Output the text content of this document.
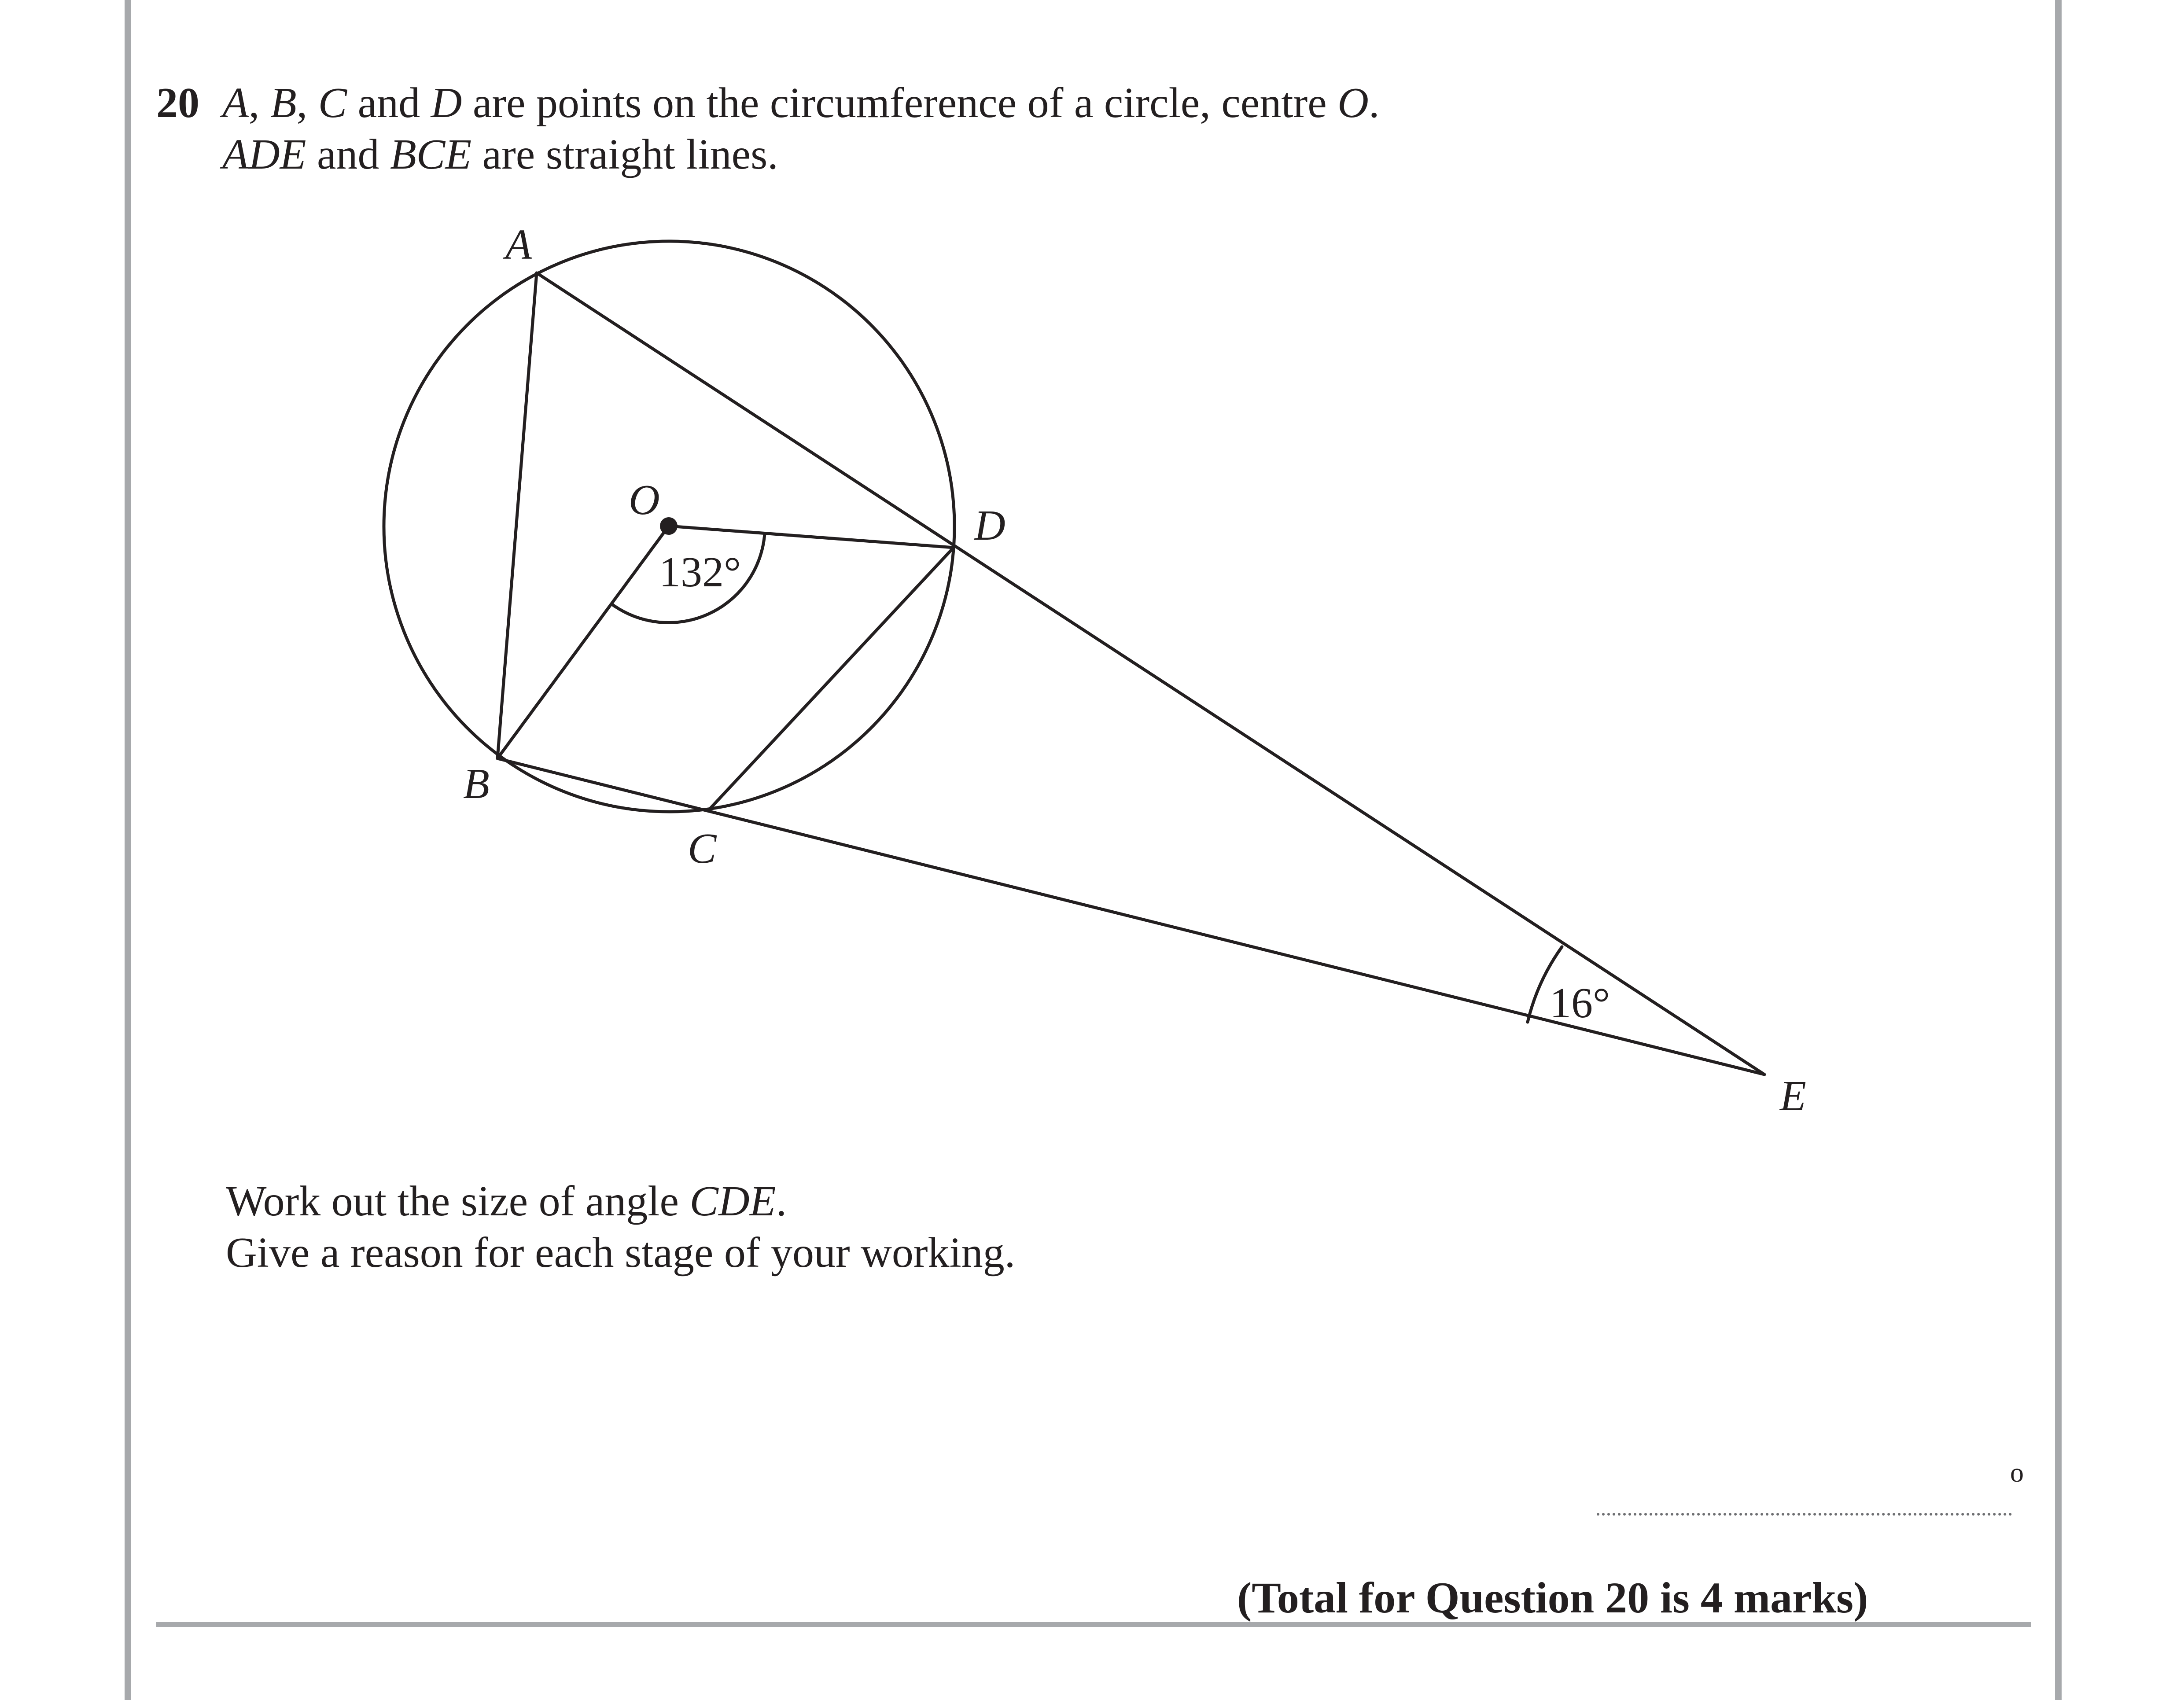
20 A, B, C and D are points on the circumference of a circle, centre O.
ADE and BCE are straight lines.
A
O
D
B
C
E
132°
16°
Work out the size of angle CDE.
Give a reason for each stage of your working.
o
(Total for Question 20 is 4 marks)
